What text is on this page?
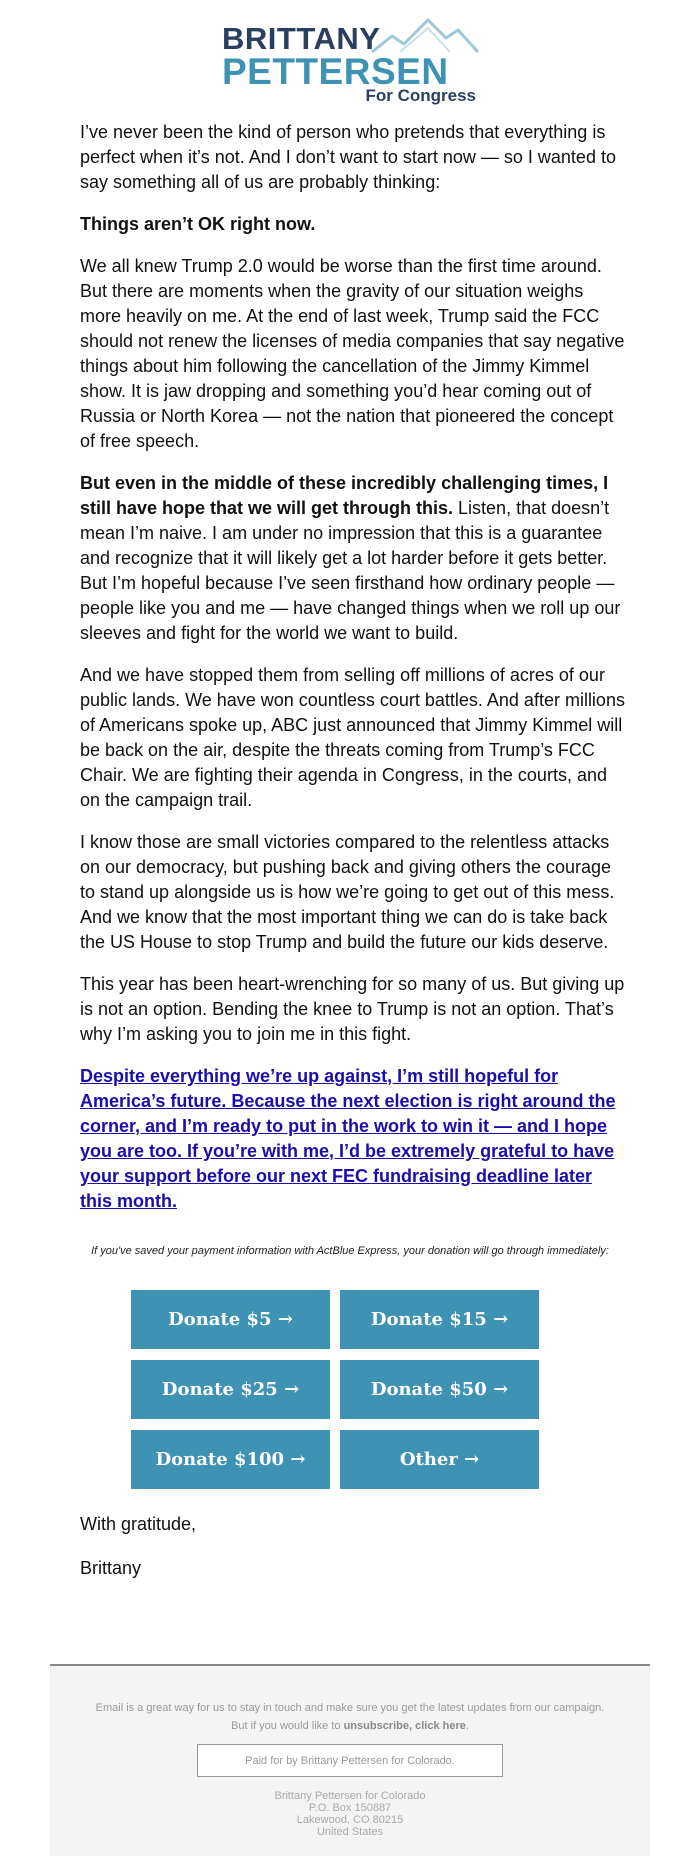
BRITTANY
PETTERSEN
For Congress

I’ve never been the kind of person who pretends that everything is perfect when it’s not. And I don’t want to start now — so I wanted to say something all of us are probably thinking:

Things aren’t OK right now.

We all knew Trump 2.0 would be worse than the first time around. But there are moments when the gravity of our situation weighs more heavily on me. At the end of last week, Trump said the FCC should not renew the licenses of media companies that say negative things about him following the cancellation of the Jimmy Kimmel show. It is jaw dropping and something you’d hear coming out of Russia or North Korea — not the nation that pioneered the concept of free speech.

But even in the middle of these incredibly challenging times, I still have hope that we will get through this. Listen, that doesn’t mean I’m naive. I am under no impression that this is a guarantee and recognize that it will likely get a lot harder before it gets better. But I’m hopeful because I’ve seen firsthand how ordinary people — people like you and me — have changed things when we roll up our sleeves and fight for the world we want to build.

And we have stopped them from selling off millions of acres of our public lands. We have won countless court battles. And after millions of Americans spoke up, ABC just announced that Jimmy Kimmel will be back on the air, despite the threats coming from Trump’s FCC Chair. We are fighting their agenda in Congress, in the courts, and on the campaign trail.

I know those are small victories compared to the relentless attacks on our democracy, but pushing back and giving others the courage to stand up alongside us is how we’re going to get out of this mess. And we know that the most important thing we can do is take back the US House to stop Trump and build the future our kids deserve.

This year has been heart-wrenching for so many of us. But giving up is not an option. Bending the knee to Trump is not an option. That’s why I’m asking you to join me in this fight.

Despite everything we’re up against, I’m still hopeful for America’s future. Because the next election is right around the corner, and I’m ready to put in the work to win it — and I hope you are too. If you’re with me, I’d be extremely grateful to have your support before our next FEC fundraising deadline later this month.

If you've saved your payment information with ActBlue Express, your donation will go through immediately:
Donate $5 →	Donate $15 →
Donate $25 →	Donate $50 →
Donate $100 →	Other →
With gratitude,
Brittany
Email is a great way for us to stay in touch and make sure you get the latest updates from our campaign.
But if you would like to unsubscribe, click here.
Paid for by Brittany Pettersen for Colorado.
Brittany Pettersen for Colorado
P.O. Box 150887
Lakewood, CO 80215
United States
